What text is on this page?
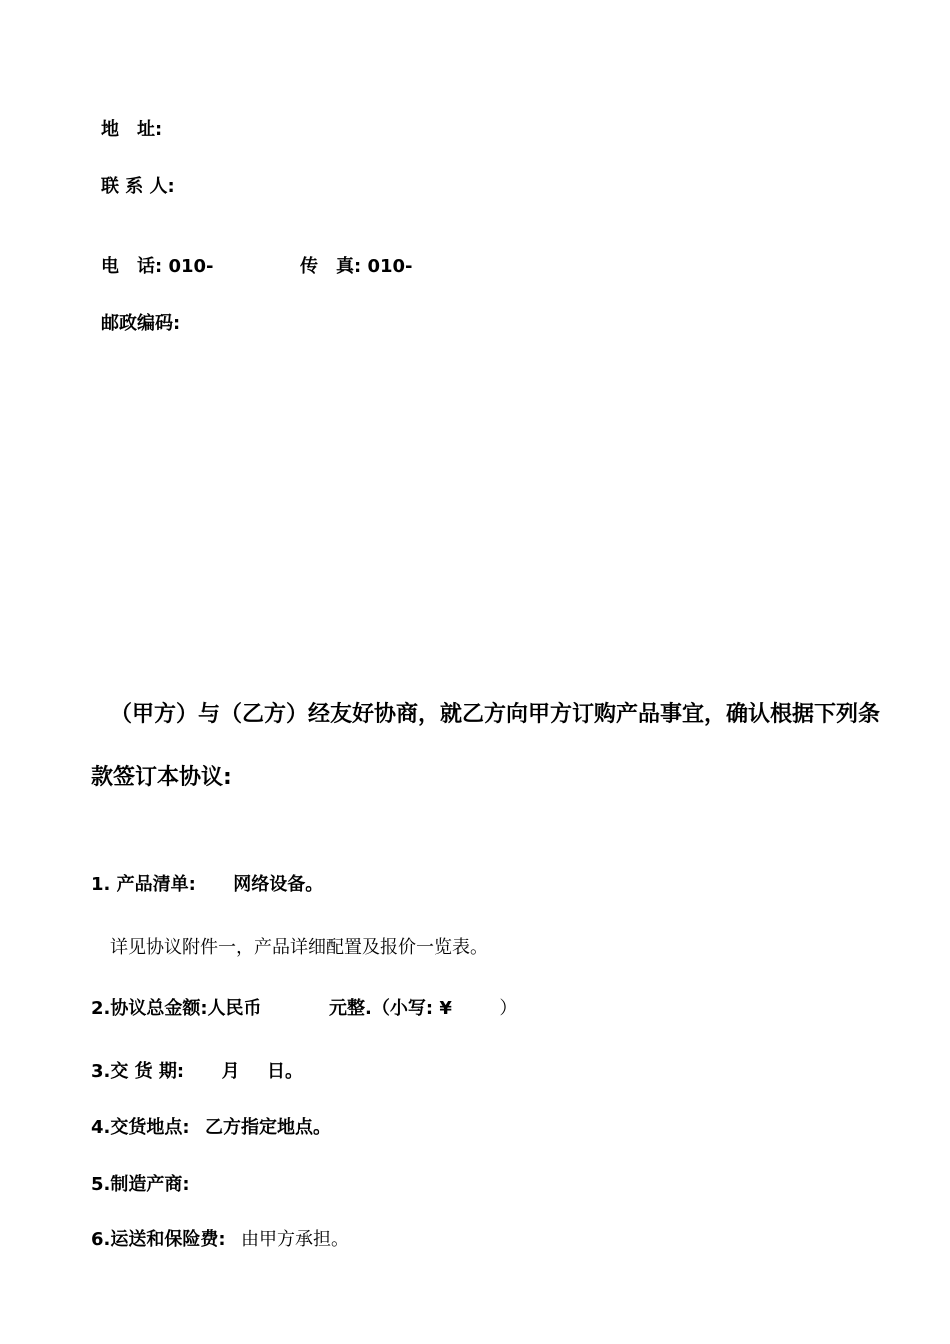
地　址:
联 系 人:
电　话: 010-	传　真: 010-
邮政编码:
（甲方）与（乙方）经友好协商，就乙方向甲方订购产品事宜，确认根据下列条
款签订本协议:
1. 产品清单: 网络设备。
详见协议附件一，产品详细配置及报价一览表。
2.协议总金额:人民币	元整.（小写: ¥	）
3.交 货 期: 月 日。
4.交货地点: 乙方指定地点。
5.制造产商:
6.运送和保险费: 由甲方承担。
